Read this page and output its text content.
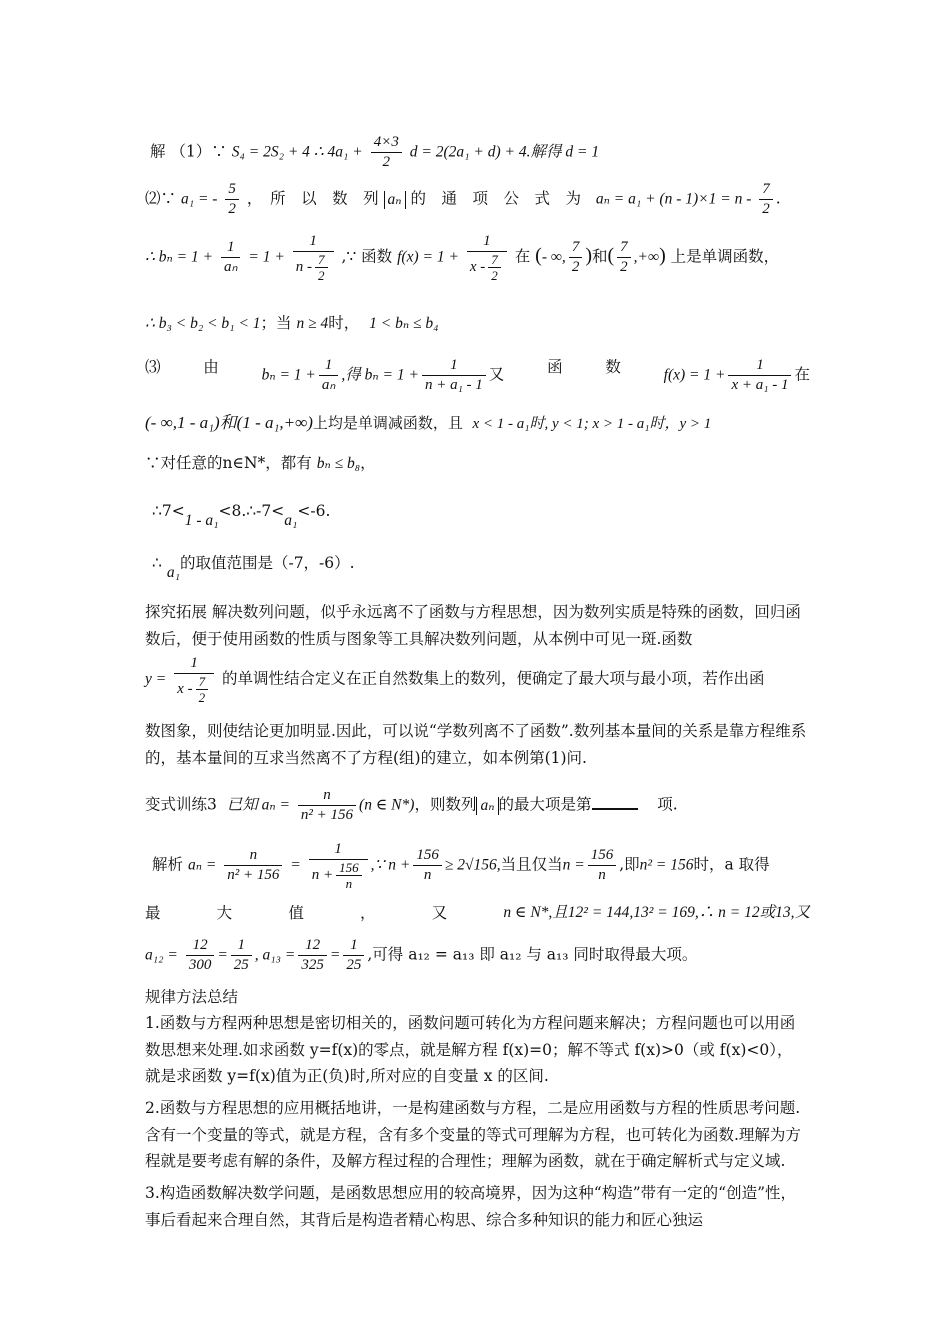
解 （1）∵ S₄ = 2S₂ + 4 ∴ $4a_1 + \frac{4\times 3}{2}$ d = 2(2a₁ + d) + 4.解得 d = 1
⑵∵ a₁ = - $\frac{5}{2}$ ，　所　以　数　列 aₙ 的　通　项　公　式　为 $a_n = a_1 + (n - 1)\times 1 = n - \frac{7}{2}$ .
∴ $b_n = 1 + \frac{1}{\text{aₙ}} = 1 + \frac{1}{n - \frac{7}{2}}$ ,∵ 函数 $f(x) = 1 + \frac{1}{x - \frac{7}{2}}$ 在 (- ∞, $\frac{7}{2}$ )和( $\frac{7}{2}$ ,+∞) 上是单调函数，
∴ b₃ < b₂ < b₁ < 1；当 n ≥ 4时， 1 < bₙ ≤ b₄
⑶	由	$b_n = 1 + \frac{1}{\text{aₙ}}$ ,得 $b_n = 1 + \frac{1}{\text{n + a₁ - 1}}$ 又	函	数	$f(x) = 1 + \frac{1}{\text{x + a₁ - 1}}$ 在
(- ∞,1 - a₁)和(1 - a₁,+∞)上均是单调减函数，且 x < 1 - a₁时, y < 1; x > 1 - a₁时，y > 1
∵对任意的n∈N*，都有 bₙ ≤ b₈，
∴7<1 - a₁<8.∴-7<a₁<-6.
∴ a₁的取值范围是（-7，-6）.
探究拓展 解决数列问题，似乎永远离不了函数与方程思想，因为数列实质是特殊的函数，回归函数后，便于使用函数的性质与图象等工具解决数列问题，从本例中可见一斑.函数
$y = \frac{1}{x - \frac{7}{2}}$ 的单调性结合定义在正自然数集上的数列，便确定了最大项与最小项，若作出函
数图象，则使结论更加明显.因此，可以说“学数列离不了函数”.数列基本量间的关系是靠方程维系的，基本量间的互求当然离不了方程(组)的建立，如本例第(1)问.
变式训练3 已知 $a_n = \frac{n}{\text{n² + 156}} (n$ ∈ N*)，则数列 aₙ 的最大项是第	项.
解析 $a_n = \frac{n}{\text{n² + 156}} = \frac{1}{n + \frac{156}{n}}$ ,∵ $n + \frac{156}{n} \ge 2√156$,当且仅当$n = \frac{156}{n}$ ,即n² = 156时，a 取得
最	大	值	，	又	n ∈ N*,且12² = 144,13² = 169,∴ n = 12或13,又
$a_{12} = \frac{12}{300} = \frac{1}{25}$ , $a_{13} = \frac{12}{325} = \frac{1}{25}$ ,可得 a₁₂ = a₁₃ 即 a₁₂ 与 a₁₃ 同时取得最大项。
规律方法总结
1.函数与方程两种思想是密切相关的，函数问题可转化为方程问题来解决；方程问题也可以用函数思想来处理.如求函数 y=f(x)的零点，就是解方程 f(x)=0；解不等式 f(x)>0（或 f(x)<0），就是求函数 y=f(x)值为正(负)时,所对应的自变量 x 的区间.
2.函数与方程思想的应用概括地讲，一是构建函数与方程，二是应用函数与方程的性质思考问题.含有一个变量的等式，就是方程，含有多个变量的等式可理解为方程，也可转化为函数.理解为方程就是要考虑有解的条件，及解方程过程的合理性；理解为函数，就在于确定解析式与定义域.
3.构造函数解决数学问题，是函数思想应用的较高境界，因为这种“构造”带有一定的“创造”性，事后看起来合理自然，其背后是构造者精心构思、综合多种知识的能力和匠心独运
